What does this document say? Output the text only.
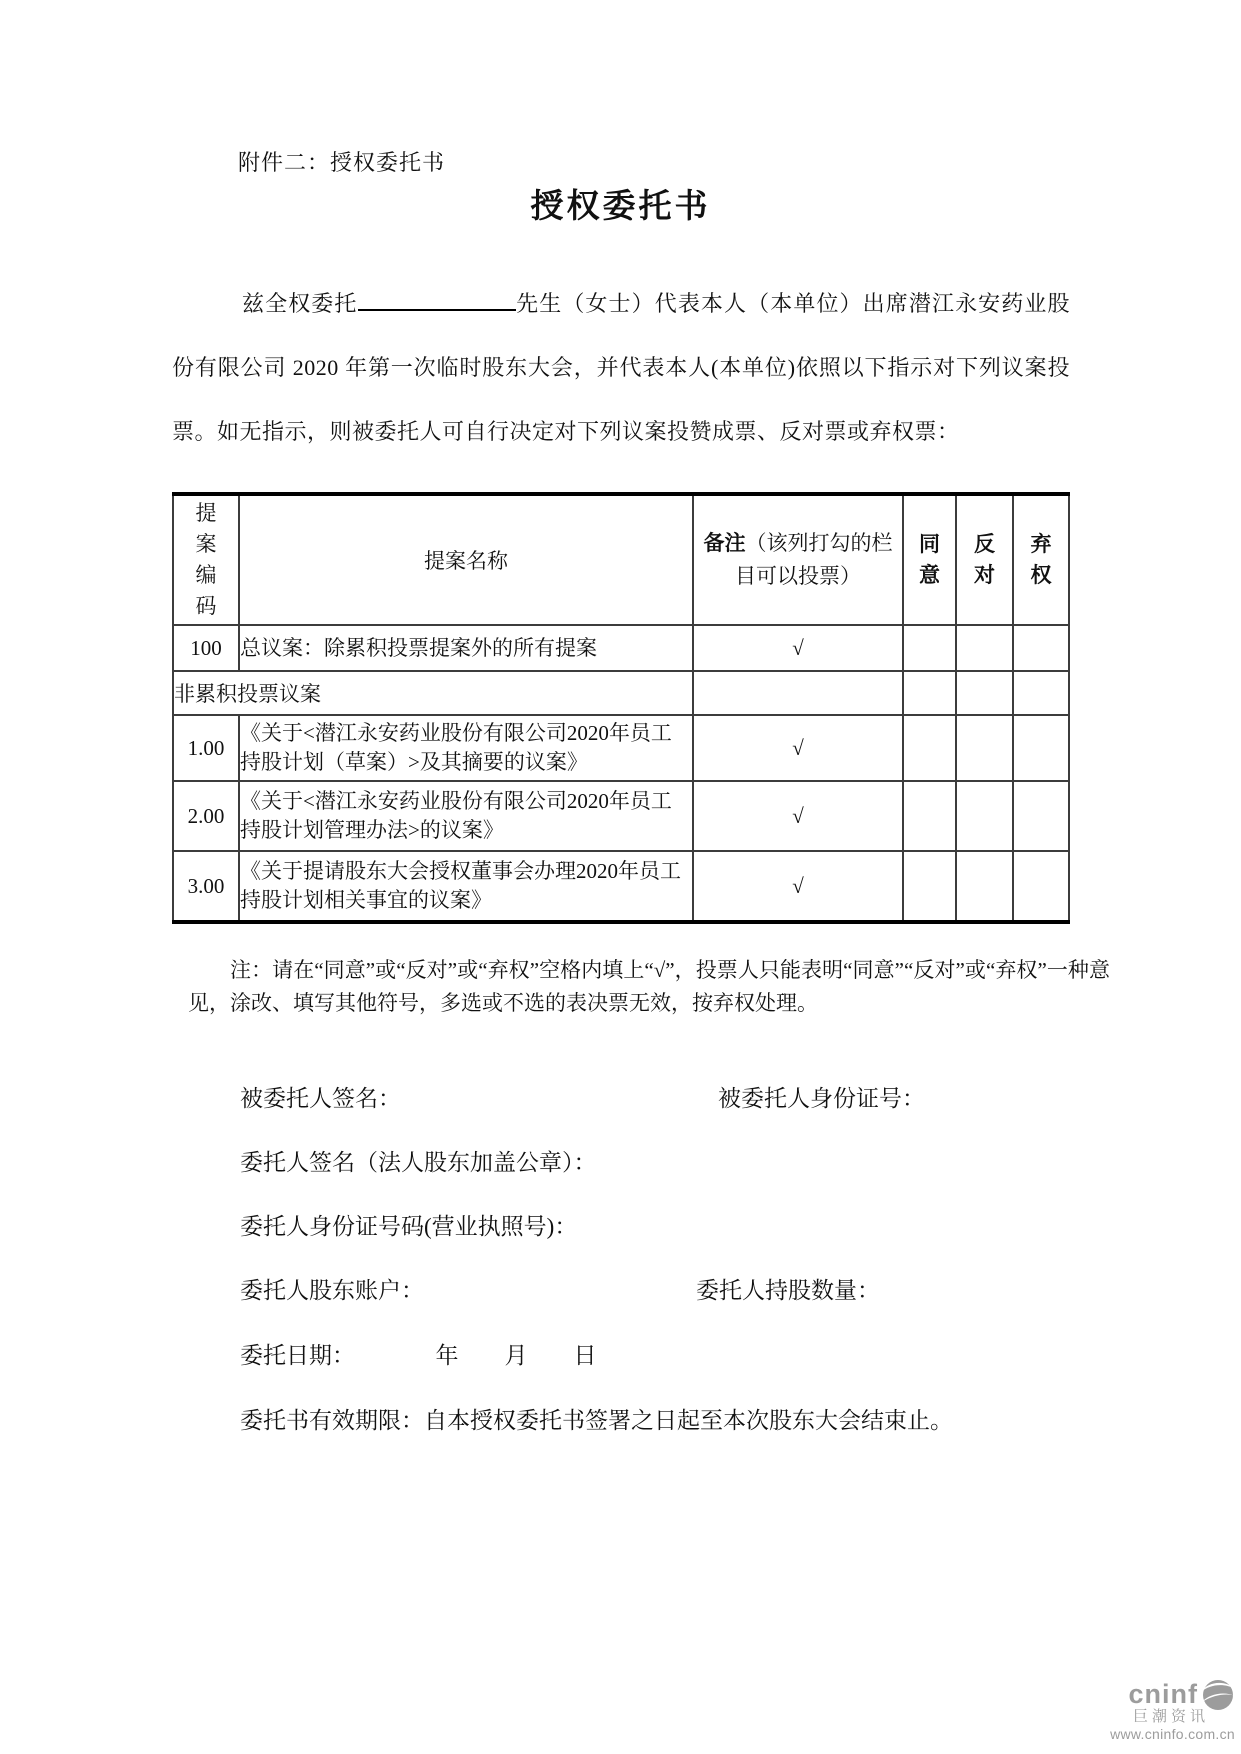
附件二：授权委托书
授权委托书

兹全权委托	先生（女士）代表本人（本单位）出席潜江永安药业股份有限公司 2020 年第一次临时股东大会，并代表本人(本单位)依照以下指示对下列议案投票。如无指示，则被委托人可自行决定对下列议案投赞成票、反对票或弃权票：

提案编码	提案名称	备注（该列打勾的栏目可以投票）	同意	反对	弃权
100	总议案：除累积投票提案外的所有提案	√			
非累积投票议案					
1.00	《关于<潜江永安药业股份有限公司2020年员工持股计划（草案）>及其摘要的议案》	√			
2.00	《关于<潜江永安药业股份有限公司2020年员工持股计划管理办法>的议案》	√			
3.00	《关于提请股东大会授权董事会办理2020年员工持股计划相关事宜的议案》	√			

注：请在“同意”或“反对”或“弃权”空格内填上“√”，投票人只能表明“同意”“反对”或“弃权”一种意见，涂改、填写其他符号，多选或不选的表决票无效，按弃权处理。

被委托人签名：	被委托人身份证号：
委托人签名（法人股东加盖公章）：
委托人身份证号码(营业执照号)：
委托人股东账户：	委托人持股数量：
委托日期：　　　　年　　月　　日
委托书有效期限：自本授权委托书签署之日起至本次股东大会结束止。
cninf
巨潮资讯
www.cninfo.com.cn
